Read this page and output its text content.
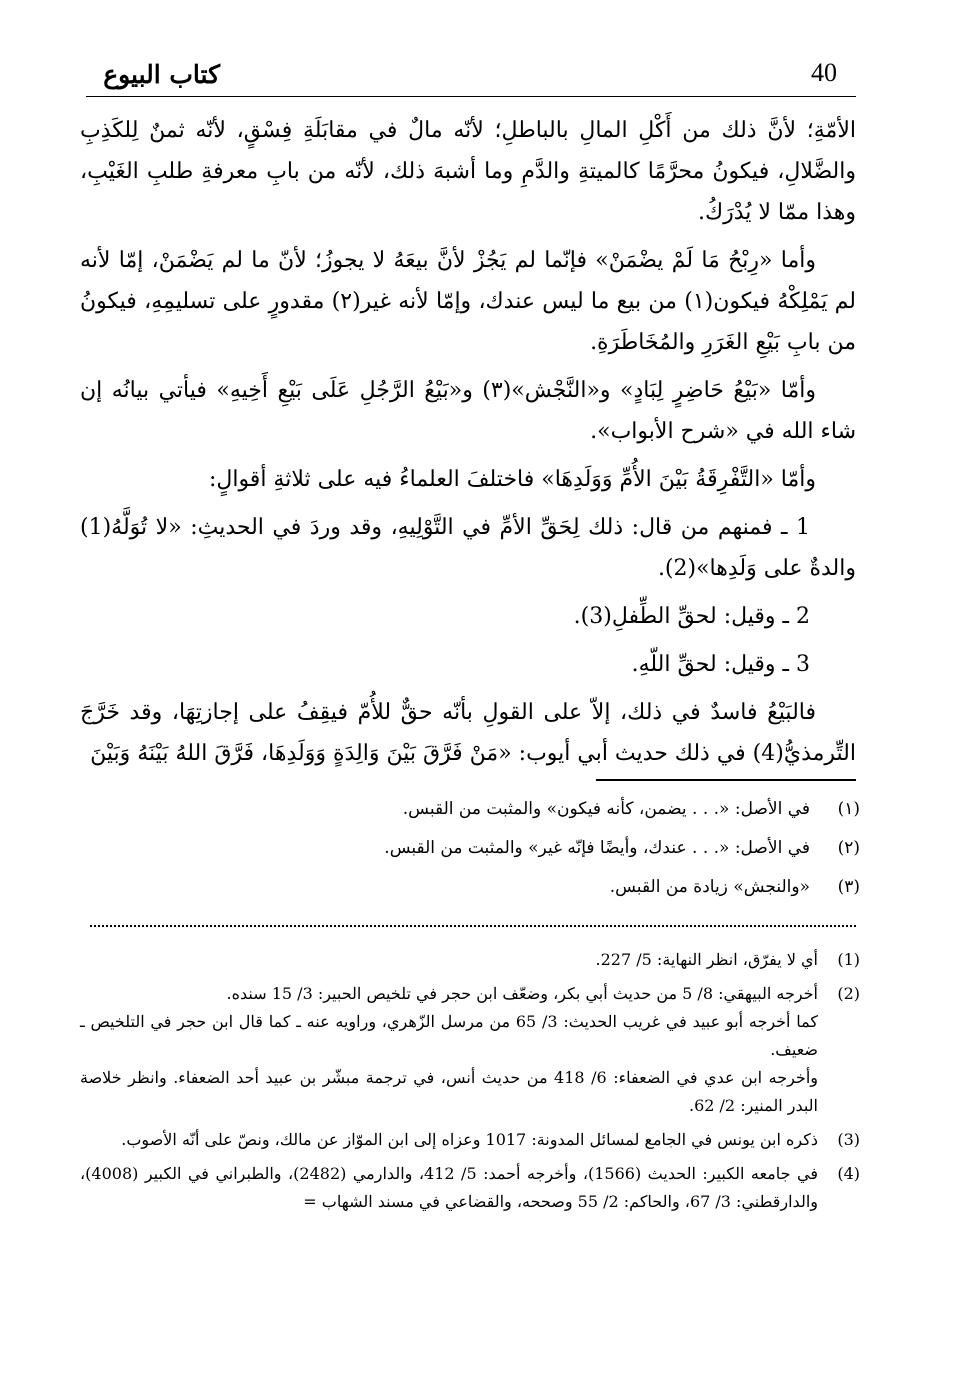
كتاب البيوع	40

الأمّةِ؛ لأنَّ ذلك من أَكْلِ المالِ بالباطلِ؛ لأنّه مالٌ في مقابَلَةِ فِسْقٍ، لأنّه ثمنٌ لِلكَذِبِ والضَّلالِ، فيكونُ محرَّمًا كالميتةِ والدَّمِ وما أشبهَ ذلك، لأنّه من بابِ معرفةِ طلبِ الغَيْبِ، وهذا ممّا لا يُدْرَكُ.

وأما «رِبْحُ مَا لَمْ يضْمَنْ» فإنّما لم يَجُزْ لأنَّ بيعَهُ لا يجوزُ؛ لأنّ ما لم يَضْمَنْ، إمّا لأنه لم يَمْلِكْهُ فيكون(١) من بيع ما ليس عندك، وإمّا لأنه غير(٢) مقدورٍ على تسليمِهِ، فيكونُ من بابِ بَيْعِ الغَرَرِ والمُخَاطَرَةِ.

وأمّا «بَيْعُ حَاضِرٍ لِبَادٍ» و«النَّجْش»(٣) و«بَيْعُ الرَّجُلِ عَلَى بَيْعِ أَخِيهِ» فيأتي بيانُه إن شاء الله في «شرح الأبواب».

وأمّا «التَّفْرِقَةُ بَيْنَ الأُمِّ وَوَلَدِهَا» فاختلفَ العلماءُ فيه على ثلاثةِ أقوالٍ:

1 ـ فمنهم من قال: ذلك لِحَقِّ الأمِّ في التَّوْلِيهِ، وقد وردَ في الحديثِ: «لا تُوَلَّهُ(1) والدةٌ على وَلَدِها»(2).

2 ـ وقيل: لحقِّ الطِّفلِ(3).

3 ـ وقيل: لحقِّ اللّهِ.

فالبَيْعُ فاسدٌ في ذلك، إلاّ على القولِ بأنّه حقٌّ للأُمّ فيقِفُ على إجازتِهَا، وقد خَرَّجَ التِّرمذيُّ(4) في ذلك حديث أبي أيوب: «مَنْ فَرَّقَ بَيْنَ وَالِدَةٍ وَوَلَدِهَا، فَرَّقَ اللهُ بَيْنَهُ وَبَيْنَ

(١)
في الأصل: «. . . يضمن، كأنه فيكون» والمثبت من القبس.
(٢)
في الأصل: «. . . عندك، وأيضًا فإنّه غير» والمثبت من القبس.
(٣)
«والنجش» زيادة من القبس.
(1)
أي لا يفرّق، انظر النهاية: 5/ 227.
(2)
أخرجه البيهقي: 8/ 5 من حديث أبي بكر، وضعّف ابن حجر في تلخيص الحبير: 3/ 15 سنده.
كما أخرجه أبو عبيد في غريب الحديث: 3/ 65 من مرسل الزّهري، وراويه عنه ـ كما قال ابن حجر في التلخيص ـ ضعيف.
وأخرجه ابن عدي في الضعفاء: 6/ 418 من حديث أنس، في ترجمة مبشّر بن عبيد أحد الضعفاء. وانظر خلاصة البدر المنير: 2/ 62.
(3)
ذكره ابن يونس في الجامع لمسائل المدونة: 1017 وعزاه إلى ابن الموّاز عن مالك، ونصّ على أنّه الأصوب.
(4)
في جامعه الكبير: الحديث (1566)، وأخرجه أحمد: 5/ 412، والدارمي (2482)، والطبراني في الكبير (4008)، والدارقطني: 3/ 67، والحاكم: 2/ 55 وصححه، والقضاعي في مسند الشهاب =
